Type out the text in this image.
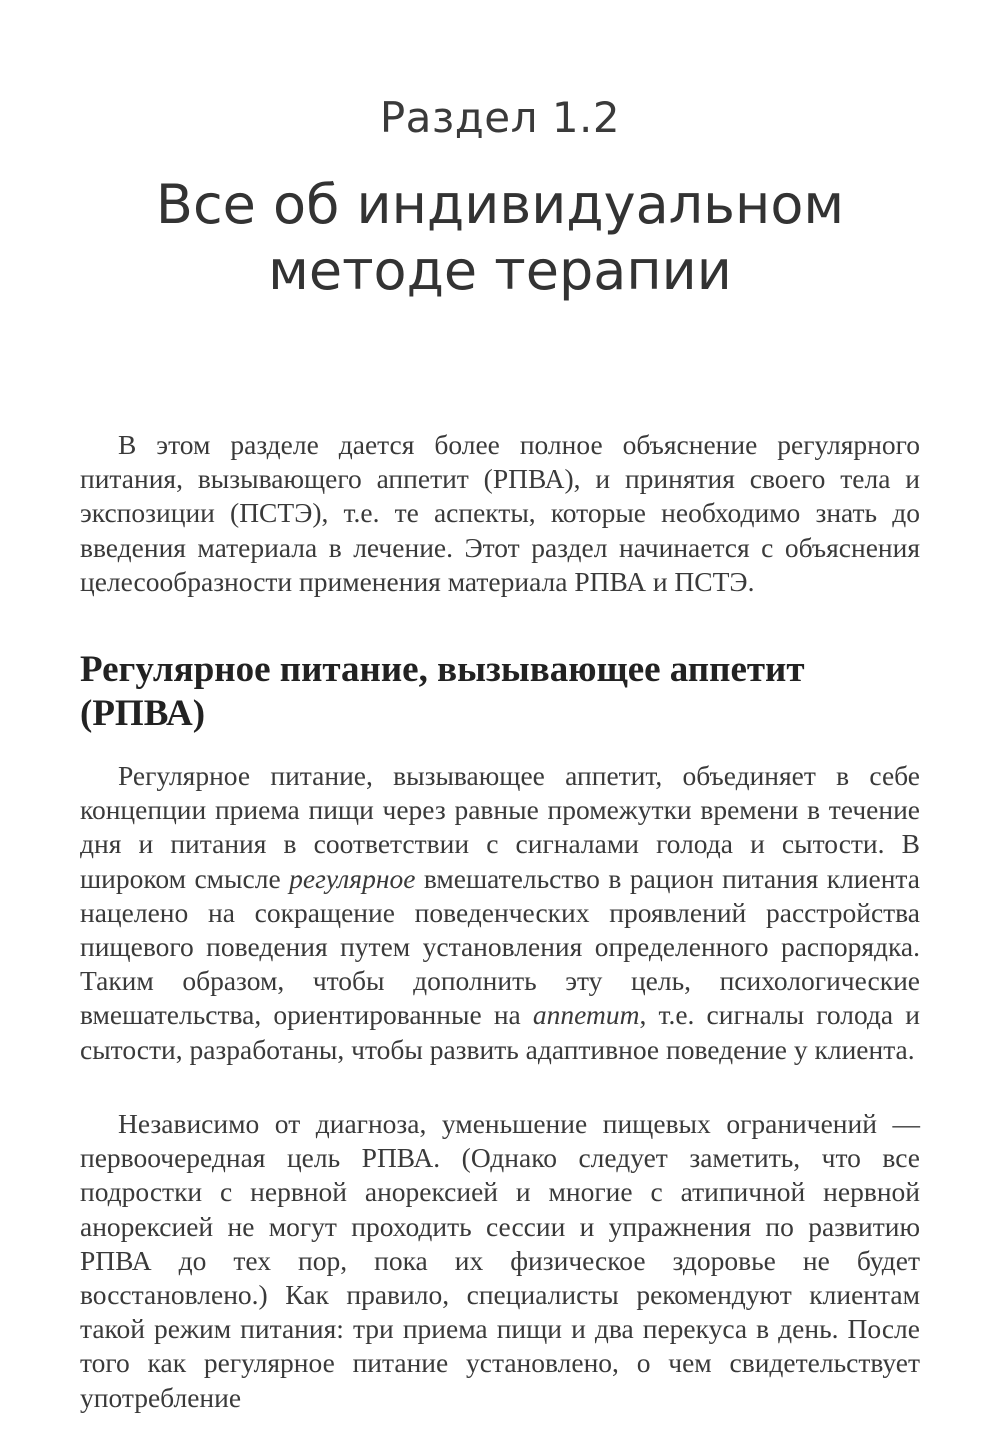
Раздел 1.2
Все об индивидуальном
методе терапии

В этом разделе дается более полное объяснение регулярного питания, вызывающего аппетит (РПВА), и принятия своего тела и экспозиции (ПСТЭ), т.е. те аспекты, которые необходимо знать до введения материала в лечение. Этот раздел начинается с объяснения целесообразности применения материала РПВА и ПСТЭ.

Регулярное питание, вызывающее аппетит
(РПВА)

Регулярное питание, вызывающее аппетит, объединяет в себе концепции приема пищи через равные промежутки времени в течение дня и питания в соответствии с сигналами голода и сытости. В широком смысле регулярное вмешательство в рацион питания клиента нацелено на сокращение поведенческих проявлений расстройства пищевого поведения путем установления определенного распорядка. Таким образом, чтобы дополнить эту цель, психологические вмешательства, ориентированные на аппетит, т.е. сигналы голода и сытости, разработаны, чтобы развить адаптивное поведение у клиента.

Независимо от диагноза, уменьшение пищевых ограничений — первоочередная цель РПВА. (Однако следует заметить, что все подростки с нервной анорексией и многие с атипичной нервной анорексией не могут проходить сессии и упражнения по развитию РПВА до тех пор, пока их физическое здоровье не будет восстановлено.) Как правило, специалисты рекомендуют клиентам такой режим питания: три приема пищи и два перекуса в день. После того как регулярное питание установлено, о чем свидетельствует употребление
